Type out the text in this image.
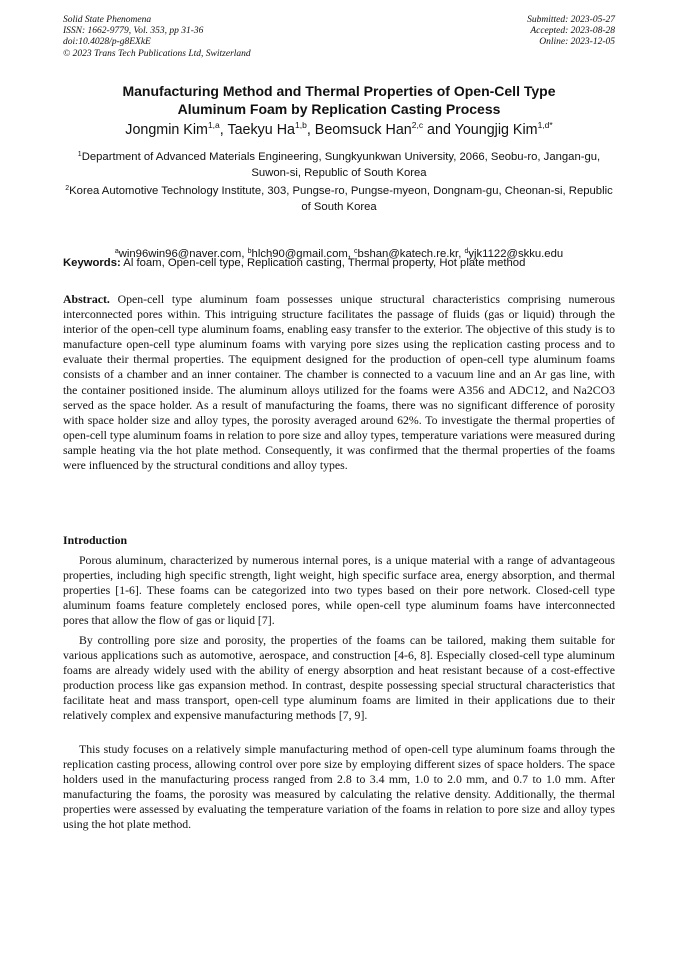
Solid State Phenomena
ISSN: 1662-9779, Vol. 353, pp 31-36
doi:10.4028/p-g8EXkE
© 2023 Trans Tech Publications Ltd, Switzerland
Submitted: 2023-05-27
Accepted: 2023-08-28
Online: 2023-12-05
Manufacturing Method and Thermal Properties of Open-Cell Type
Aluminum Foam by Replication Casting Process
Jongmin Kim$^{1,a}$, Taekyu Ha$^{1,b}$, Beomsuck Han$^{2,c}$ and Youngjig Kim$^{1,d*}$
$^1$Department of Advanced Materials Engineering, Sungkyunkwan University, 2066, Seobu-ro, Jangan-gu, Suwon-si, Republic of South Korea
$^2$Korea Automotive Technology Institute, 303, Pungse-ro, Pungse-myeon, Dongnam-gu, Cheonan-si, Republic of South Korea
$^a$win96win96@naver.com, $^b$hlch90@gmail.com, $^c$bshan@katech.re.kr, $^d$yjk1122@skku.edu
Keywords: Al foam, Open-cell type, Replication casting, Thermal property, Hot plate method
Abstract. Open-cell type aluminum foam possesses unique structural characteristics comprising numerous interconnected pores within. This intriguing structure facilitates the passage of fluids (gas or liquid) through the interior of the open-cell type aluminum foams, enabling easy transfer to the exterior. The objective of this study is to manufacture open-cell type aluminum foams with varying pore sizes using the replication casting process and to evaluate their thermal properties. The equipment designed for the production of open-cell type aluminum foams consists of a chamber and an inner container. The chamber is connected to a vacuum line and an Ar gas line, with the container positioned inside. The aluminum alloys utilized for the foams were A356 and ADC12, and Na2CO3 served as the space holder. As a result of manufacturing the foams, there was no significant difference of porosity with space holder size and alloy types, the porosity averaged around 62%. To investigate the thermal properties of open-cell type aluminum foams in relation to pore size and alloy types, temperature variations were measured during sample heating via the hot plate method. Consequently, it was confirmed that the thermal properties of the foams were influenced by the structural conditions and alloy types.
Introduction

Porous aluminum, characterized by numerous internal pores, is a unique material with a range of advantageous properties, including high specific strength, light weight, high specific surface area, energy absorption, and thermal properties [1-6]. These foams can be categorized into two types based on their pore network. Closed-cell type aluminum foams feature completely enclosed pores, while open-cell type aluminum foams have interconnected pores that allow the flow of gas or liquid [7].

By controlling pore size and porosity, the properties of the foams can be tailored, making them suitable for various applications such as automotive, aerospace, and construction [4-6, 8]. Especially closed-cell type aluminum foams are already widely used with the ability of energy absorption and heat resistant because of a cost-effective production process like gas expansion method. In contrast, despite possessing special structural characteristics that facilitate heat and mass transport, open-cell type aluminum foams are limited in their applications due to their relatively complex and expensive manufacturing methods [7, 9].

This study focuses on a relatively simple manufacturing method of open-cell type aluminum foams through the replication casting process, allowing control over pore size by employing different sizes of space holders. The space holders used in the manufacturing process ranged from 2.8 to 3.4 mm, 1.0 to 2.0 mm, and 0.7 to 1.0 mm. After manufacturing the foams, the porosity was measured by calculating the relative density. Additionally, the thermal properties were assessed by evaluating the temperature variation of the foams in relation to pore size and alloy types using the hot plate method.
